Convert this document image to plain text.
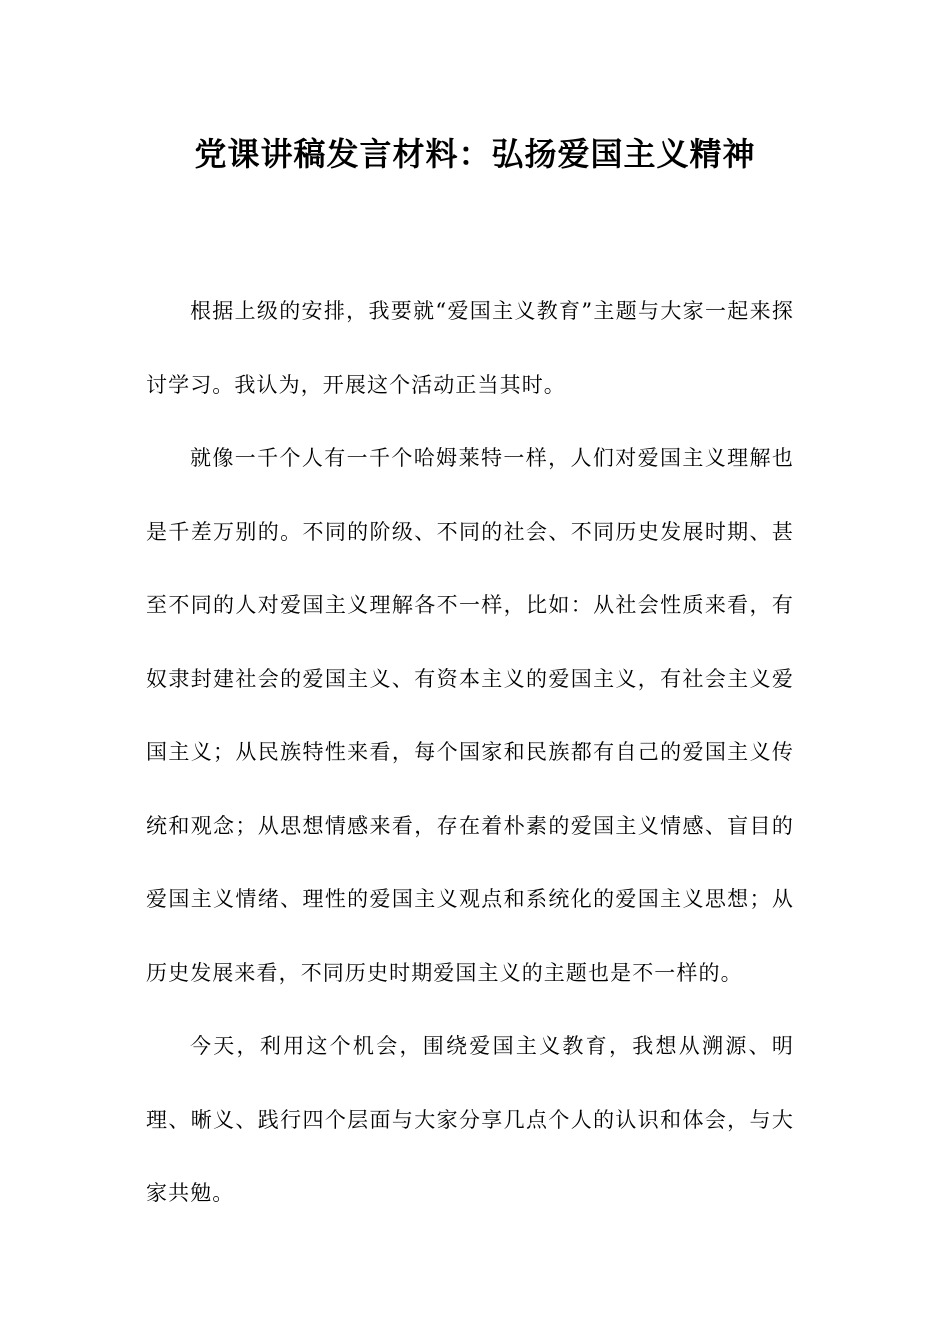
党课讲稿发言材料：弘扬爱国主义精神

根据上级的安排，我要就“爱国主义教育”主题与大家一起来探讨学习。我认为，开展这个活动正当其时。

就像一千个人有一千个哈姆莱特一样，人们对爱国主义理解也是千差万别的。不同的阶级、不同的社会、不同历史发展时期、甚至不同的人对爱国主义理解各不一样，比如：从社会性质来看，有奴隶封建社会的爱国主义、有资本主义的爱国主义，有社会主义爱国主义；从民族特性来看，每个国家和民族都有自己的爱国主义传统和观念；从思想情感来看，存在着朴素的爱国主义情感、盲目的爱国主义情绪、理性的爱国主义观点和系统化的爱国主义思想；从历史发展来看，不同历史时期爱国主义的主题也是不一样的。

今天，利用这个机会，围绕爱国主义教育，我想从溯源、明理、晰义、践行四个层面与大家分享几点个人的认识和体会，与大家共勉。
